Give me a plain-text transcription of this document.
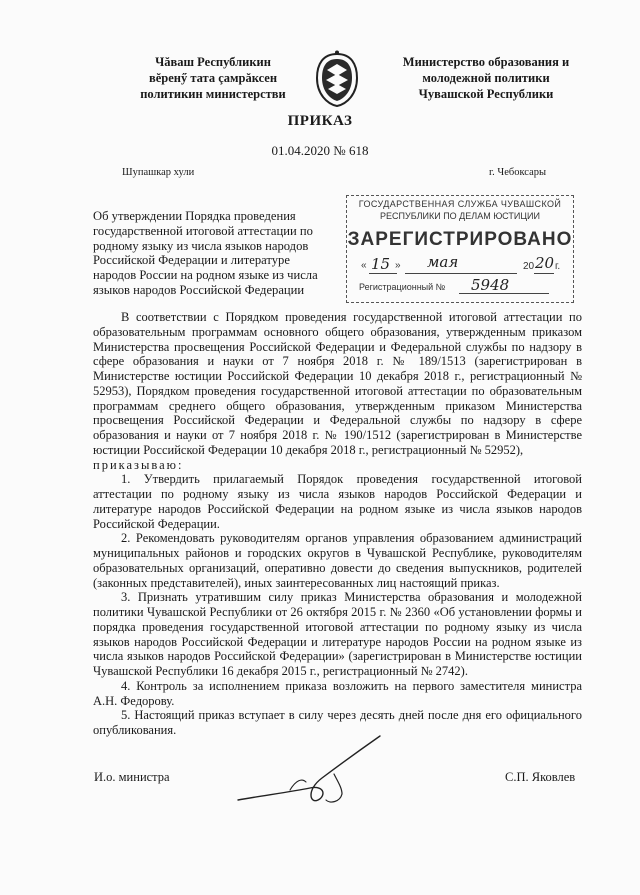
Чăваш Республикин
вĕренӳ тата çамрăксен
политикин министерстви
Министерство образования и
молодежной политики
Чувашской Республики
ПРИКАЗ
01.04.2020 № 618
Шупашкар хули	г. Чебоксары
Об утверждении Порядка проведения
государственной итоговой аттестации по
родному языку из числа языков народов
Российской Федерации и литературе
народов России на родном языке из числа
языков народов Российской Федерации
ГОСУДАРСТВЕННАЯ СЛУЖБА ЧУВАШСКОЙ
РЕСПУБЛИКИ ПО ДЕЛАМ ЮСТИЦИИ
ЗАРЕГИСТРИРОВАНО
« 15 » мая	20 20 г.
Регистрационный № 5948

В соответствии с Порядком проведения государственной итоговой аттестации по образовательным программам основного общего образования, утвержденным приказом Министерства просвещения Российской Федерации и Федеральной службы по надзору в сфере образования и науки от 7 ноября 2018 г. № 189/1513 (зарегистрирован в Министерстве юстиции Российской Федерации 10 декабря 2018 г., регистрационный № 52953), Порядком проведения государственной итоговой аттестации по образовательным программам среднего общего образования, утвержденным приказом Министерства просвещения Российской Федерации и Федеральной службы по надзору в сфере образования и науки от 7 ноября 2018 г. № 190/1512 (зарегистрирован в Министерстве юстиции Российской Федерации 10 декабря 2018 г., регистрационный № 52952),

приказываю:

1. Утвердить прилагаемый Порядок проведения государственной итоговой аттестации по родному языку из числа языков народов Российской Федерации и литературе народов Российской Федерации на родном языке из числа языков народов Российской Федерации.

2. Рекомендовать руководителям органов управления образованием администраций муниципальных районов и городских округов в Чувашской Республике, руководителям образовательных организаций, оперативно довести до сведения выпускников, родителей (законных представителей), иных заинтересованных лиц настоящий приказ.

3. Признать утратившим силу приказ Министерства образования и молодежной политики Чувашской Республики от 26 октября 2015 г. № 2360 «Об установлении формы и порядка проведения государственной итоговой аттестации по родному языку из числа языков народов Российской Федерации и литературе народов России на родном языке из числа языков народов Российской Федерации» (зарегистрирован в Министерстве юстиции Чувашской Республики 16 декабря 2015 г., регистрационный № 2742).

4. Контроль за исполнением приказа возложить на первого заместителя министра А.Н. Федорову.

5. Настоящий приказ вступает в силу через десять дней после дня его официального опубликования.

И.о. министра	С.П. Яковлев
